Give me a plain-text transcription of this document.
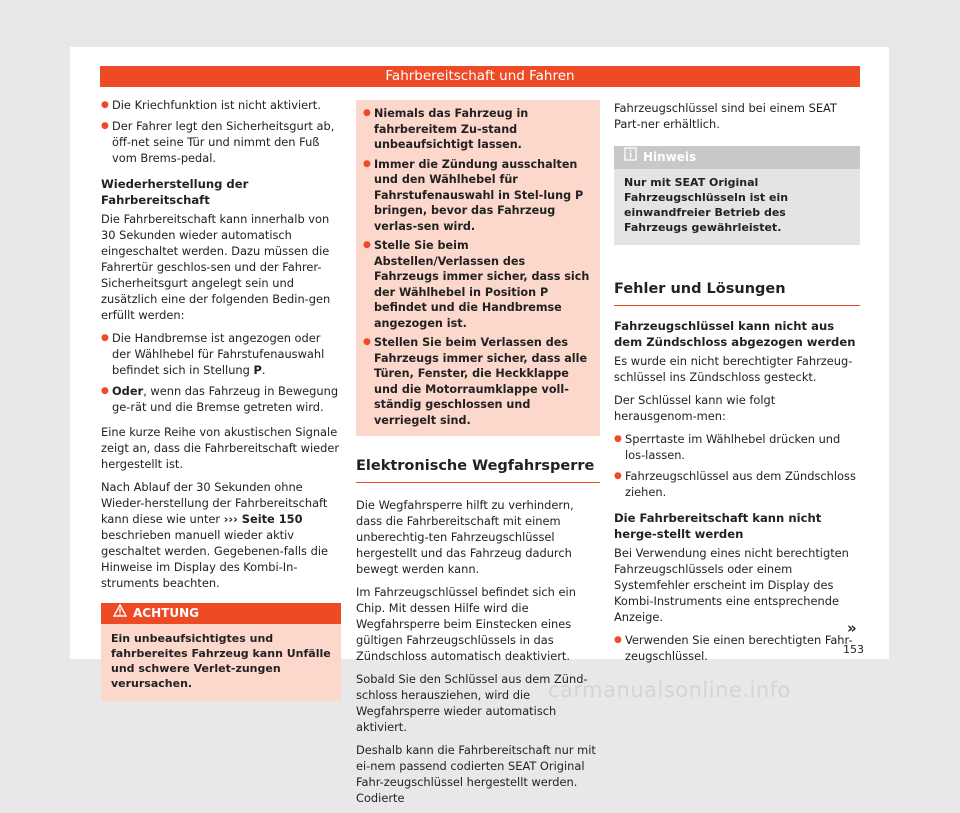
Fahrbereitschaft und Fahren
● Die Kriechfunktion ist nicht aktiviert.
● Der Fahrer legt den Sicherheitsgurt ab, öff-net seine Tür und nimmt den Fuß vom Brems-pedal.
Wiederherstellung der Fahrbereitschaft

Die Fahrbereitschaft kann innerhalb von 30 Sekunden wieder automatisch eingeschaltet werden. Dazu müssen die Fahrertür geschlos-sen und der Fahrer-Sicherheitsgurt angelegt sein und zusätzlich eine der folgenden Bedin-gen erfüllt werden:

● Die Handbremse ist angezogen oder der Wählhebel für Fahrstufenauswahl befindet sich in Stellung P.
● Oder, wenn das Fahrzeug in Bewegung ge-rät und die Bremse getreten wird.

Eine kurze Reihe von akustischen Signale zeigt an, dass die Fahrbereitschaft wieder hergestellt ist.

Nach Ablauf der 30 Sekunden ohne Wieder-herstellung der Fahrbereitschaft kann diese wie unter ››› Seite 150 beschrieben manuell wieder aktiv geschaltet werden. Gegebenen-falls die Hinweise im Display des Kombi-In-struments beachten.

ACHTUNG
Ein unbeaufsichtigtes und fahrbereites Fahrzeug kann Unfälle und schwere Verlet-zungen verursachen.
● Niemals das Fahrzeug in fahrbereitem Zu-stand unbeaufsichtigt lassen.
● Immer die Zündung ausschalten und den Wählhebel für Fahrstufenauswahl in Stel-lung P bringen, bevor das Fahrzeug verlas-sen wird.
● Stelle Sie beim Abstellen/Verlassen des Fahrzeugs immer sicher, dass sich der Wählhebel in Position P befindet und die Handbremse angezogen ist.
● Stellen Sie beim Verlassen des Fahrzeugs immer sicher, dass alle Türen, Fenster, die Heckklappe und die Motorraumklappe voll-ständig geschlossen und verriegelt sind.
Elektronische Wegfahrsperre

Die Wegfahrsperre hilft zu verhindern, dass die Fahrbereitschaft mit einem unberechtig-ten Fahrzeugschlüssel hergestellt und das Fahrzeug dadurch bewegt werden kann.

Im Fahrzeugschlüssel befindet sich ein Chip. Mit dessen Hilfe wird die Wegfahrsperre beim Einstecken eines gültigen Fahrzeugschlüssels in das Zündschloss automatisch deaktiviert.

Sobald Sie den Schlüssel aus dem Zünd-schloss herausziehen, wird die Wegfahrsperre wieder automatisch aktiviert.

Deshalb kann die Fahrbereitschaft nur mit ei-nem passend codierten SEAT Original Fahr-zeugschlüssel hergestellt werden. Codierte

Fahrzeugschlüssel sind bei einem SEAT Part-ner erhältlich.

Hinweis
Nur mit SEAT Original Fahrzeugschlüsseln ist ein einwandfreier Betrieb des Fahrzeugs gewährleistet.
Fehler und Lösungen
Fahrzeugschlüssel kann nicht aus dem Zündschloss abgezogen werden

Es wurde ein nicht berechtigter Fahrzeug-schlüssel ins Zündschloss gesteckt.

Der Schlüssel kann wie folgt herausgenom-men:

● Sperrtaste im Wählhebel drücken und los-lassen.
● Fahrzeugschlüssel aus dem Zündschloss ziehen.
Die Fahrbereitschaft kann nicht herge-stellt werden

Bei Verwendung eines nicht berechtigten Fahrzeugschlüssels oder einem Systemfehler erscheint im Display des Kombi-Instruments eine entsprechende Anzeige.

● Verwenden Sie einen berechtigten Fahr-zeugschlüssel.
»
153
carmanualsonline.info
